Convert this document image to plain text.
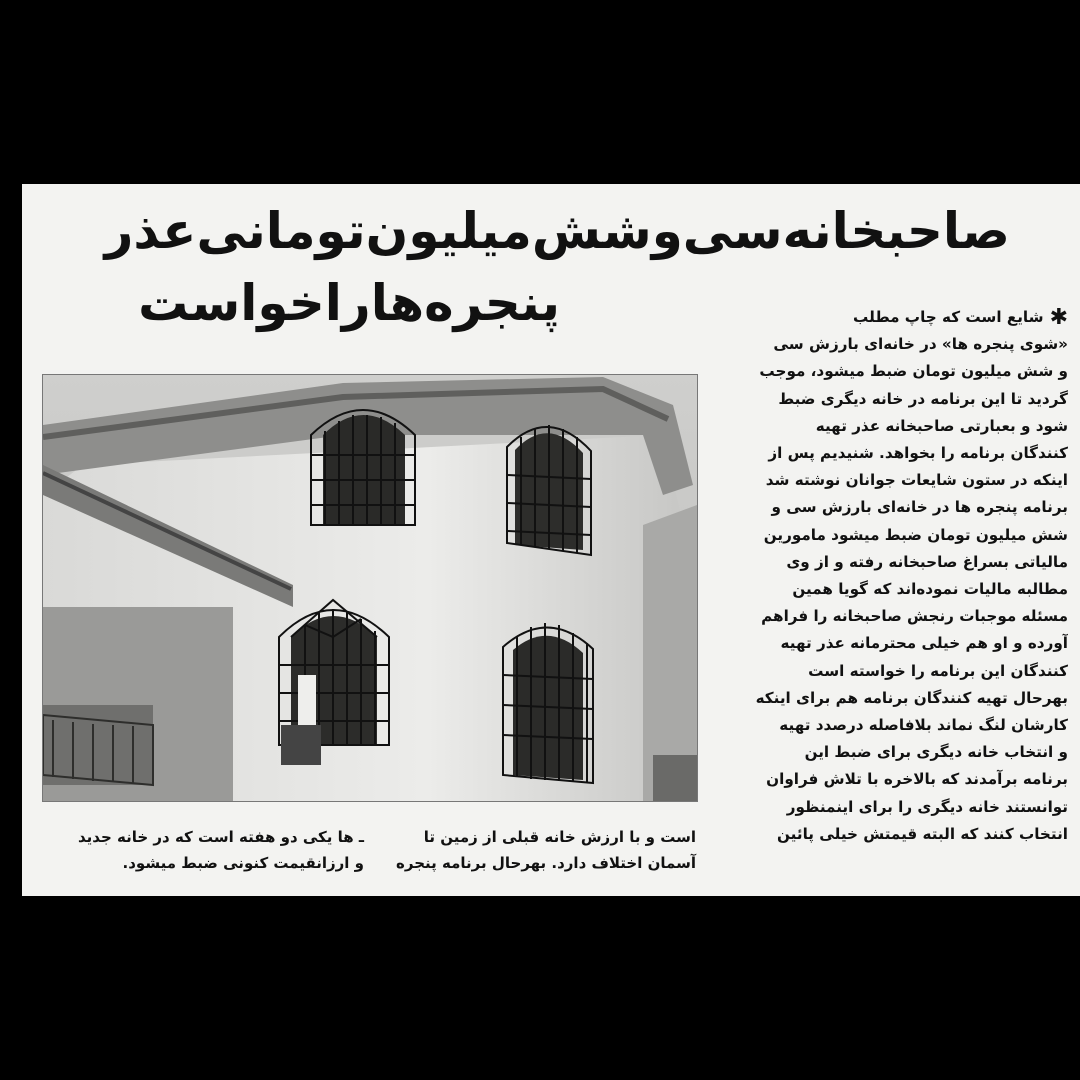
صاحبخانه‌سی‌وشش‌میلیون‌تومانی‌عذر
پنجره‌ها‌را‌خواست	✱شایع است که چاپ مطلب

«شوی پنجره ها» در خانه‌ای بارزش سی

و شش میلیون تومان ضبط میشود، موجب

گردید تا این برنامه در خانه دیگری ضبط

شود و بعبارتی صاحبخانه عذر تهیه

کنندگان برنامه را بخواهد. شنیدیم پس از

اینکه در ستون شایعات جوانان نوشته شد

برنامه پنجره ها در خانه‌ای بارزش سی و

شش میلیون تومان ضبط میشود مامورین

مالیاتی بسراغ صاحبخانه رفته و از وی

مطالبه مالیات نموده‌اند که گویا همین

مسئله موجبات رنجش صاحبخانه را فراهم

آورده و او هم خیلی محترمانه عذر تهیه

کنندگان این برنامه را خواسته است

بهرحال تهیه کنندگان برنامه هم برای اینکه

کارشان لنگ نماند بلافاصله درصدد تهیه

و انتخاب خانه دیگری برای ضبط این

برنامه برآمدند که بالاخره با تلاش فراوان

توانستند خانه دیگری را برای اینمنظور

انتخاب کنند که البته قیمتش خیلی پائین

است و با ارزش خانه قبلی از زمین تا

آسمان اختلاف دارد. بهرحال برنامه پنجره

ـ ها یکی دو هفته است که در خانه جدید

و ارزانقیمت کنونی ضبط میشود.
